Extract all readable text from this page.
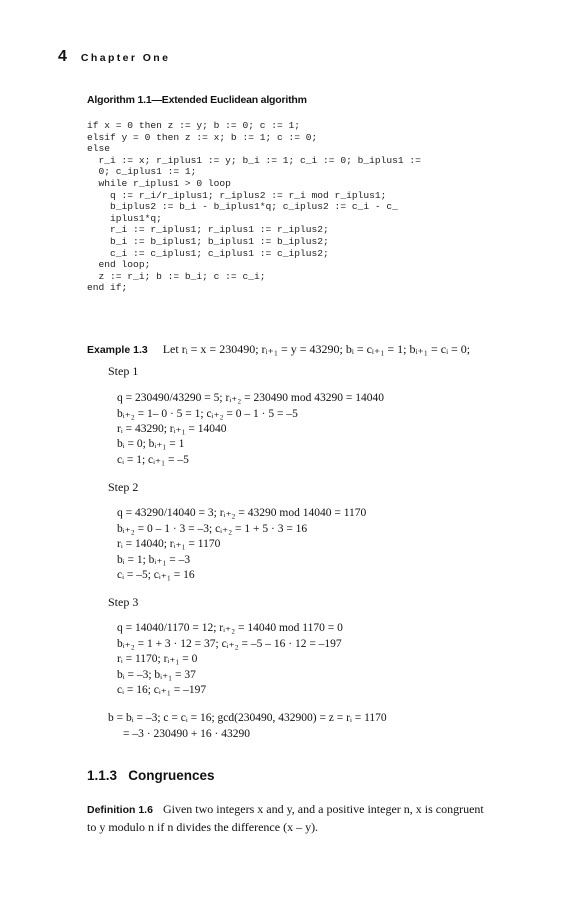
4 Chapter One
Algorithm 1.1—Extended Euclidean algorithm
if x = 0 then z := y; b := 0; c := 1;
elsif y = 0 then z := x; b := 1; c := 0;
else
r_i := x; r_iplus1 := y; b_i := 1; c_i := 0; b_iplus1 :=
0; c_iplus1 := 1;
while r_iplus1 > 0 loop
q := r_i/r_iplus1; r_iplus2 := r_i mod r_iplus1;
b_iplus2 := b_i - b_iplus1*q; c_iplus2 := c_i - c_
iplus1*q;
r_i := r_iplus1; r_iplus1 := r_iplus2;
b_i := b_iplus1; b_iplus1 := b_iplus2;
c_i := c_iplus1; c_iplus1 := c_iplus2;
end loop;
z := r_i; b := b_i; c := c_i;
end if;
Example 1.3 Let rᵢ = x = 230490; rᵢ₊₁ = y = 43290; bᵢ = cᵢ₊₁ = 1; bᵢ₊₁ = cᵢ = 0;
Step 1
q = 230490/43290 = 5; rᵢ₊₂ = 230490 mod 43290 = 14040
bᵢ₊₂ = 1– 0 · 5 = 1; cᵢ₊₂ = 0 – 1 · 5 = –5
rᵢ = 43290; rᵢ₊₁ = 14040
bᵢ = 0; bᵢ₊₁ = 1
cᵢ = 1; cᵢ₊₁ = –5
Step 2
q = 43290/14040 = 3; rᵢ₊₂ = 43290 mod 14040 = 1170
bᵢ₊₂ = 0 – 1 · 3 = –3; cᵢ₊₂ = 1 + 5 · 3 = 16
rᵢ = 14040; rᵢ₊₁ = 1170
bᵢ = 1; bᵢ₊₁ = –3
cᵢ = –5; cᵢ₊₁ = 16
Step 3
q = 14040/1170 = 12; rᵢ₊₂ = 14040 mod 1170 = 0
bᵢ₊₂ = 1 + 3 · 12 = 37; cᵢ₊₂ = –5 – 16 · 12 = –197
rᵢ = 1170; rᵢ₊₁ = 0
bᵢ = –3; bᵢ₊₁ = 37
cᵢ = 16; cᵢ₊₁ = –197
b = bᵢ = –3; c = cᵢ = 16; gcd(230490, 432900) = z = rᵢ = 1170
= –3 · 230490 + 16 · 43290
1.1.3   Congruences
Definition 1.6 Given two integers x and y, and a positive integer n, x is congruent to y modulo n if n divides the difference (x – y).
